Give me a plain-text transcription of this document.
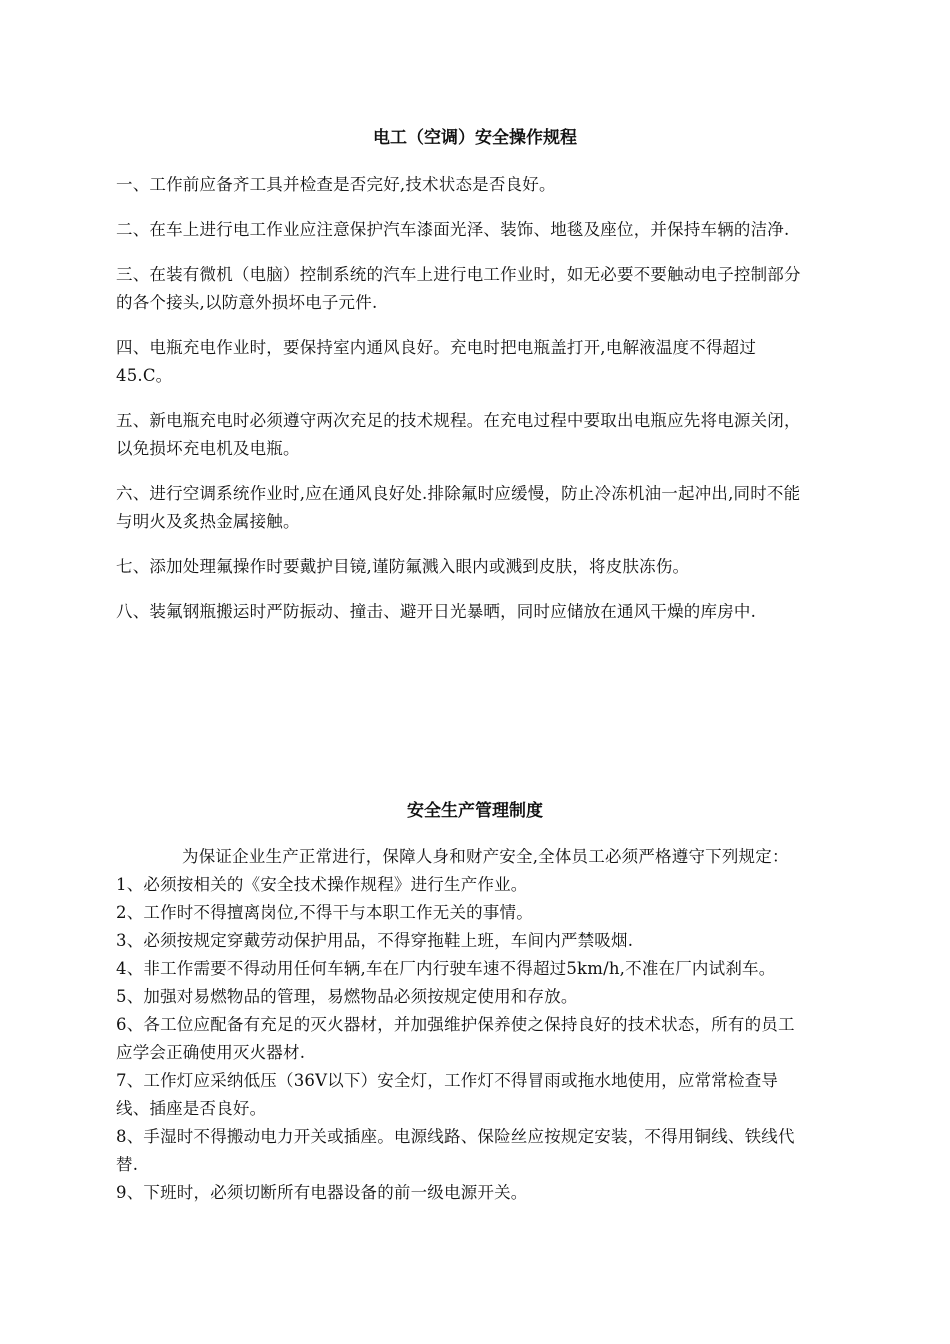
电工（空调）安全操作规程

一、工作前应备齐工具并检查是否完好,技术状态是否良好。

二、在车上进行电工作业应注意保护汽车漆面光泽、装饰、地毯及座位，并保持车辆的洁净.

三、在装有微机（电脑）控制系统的汽车上进行电工作业时，如无必要不要触动电子控制部分的各个接头,以防意外损坏电子元件.

四、电瓶充电作业时，要保持室内通风良好。充电时把电瓶盖打开,电解液温度不得超过45.C。

五、新电瓶充电时必须遵守两次充足的技术规程。在充电过程中要取出电瓶应先将电源关闭，以免损坏充电机及电瓶。

六、进行空调系统作业时,应在通风良好处.排除氟时应缓慢，防止冷冻机油一起冲出,同时不能与明火及炙热金属接触。

七、添加处理氟操作时要戴护目镜,谨防氟溅入眼内或溅到皮肤，将皮肤冻伤。

八、装氟钢瓶搬运时严防振动、撞击、避开日光暴晒，同时应储放在通风干燥的库房中.

安全生产管理制度

为保证企业生产正常进行，保障人身和财产安全,全体员工必须严格遵守下列规定：

1、必须按相关的《安全技术操作规程》进行生产作业。

2、工作时不得擅离岗位,不得干与本职工作无关的事情。

3、必须按规定穿戴劳动保护用品，不得穿拖鞋上班，车间内严禁吸烟.

4、非工作需要不得动用任何车辆,车在厂内行驶车速不得超过5km/h,不准在厂内试刹车。

5、加强对易燃物品的管理，易燃物品必须按规定使用和存放。

6、各工位应配备有充足的灭火器材，并加强维护保养使之保持良好的技术状态，所有的员工应学会正确使用灭火器材.

7、工作灯应采纳低压（36V以下）安全灯，工作灯不得冒雨或拖水地使用，应常常检查导线、插座是否良好。

8、手湿时不得搬动电力开关或插座。电源线路、保险丝应按规定安装，不得用铜线、铁线代替.

9、下班时，必须切断所有电器设备的前一级电源开关。
